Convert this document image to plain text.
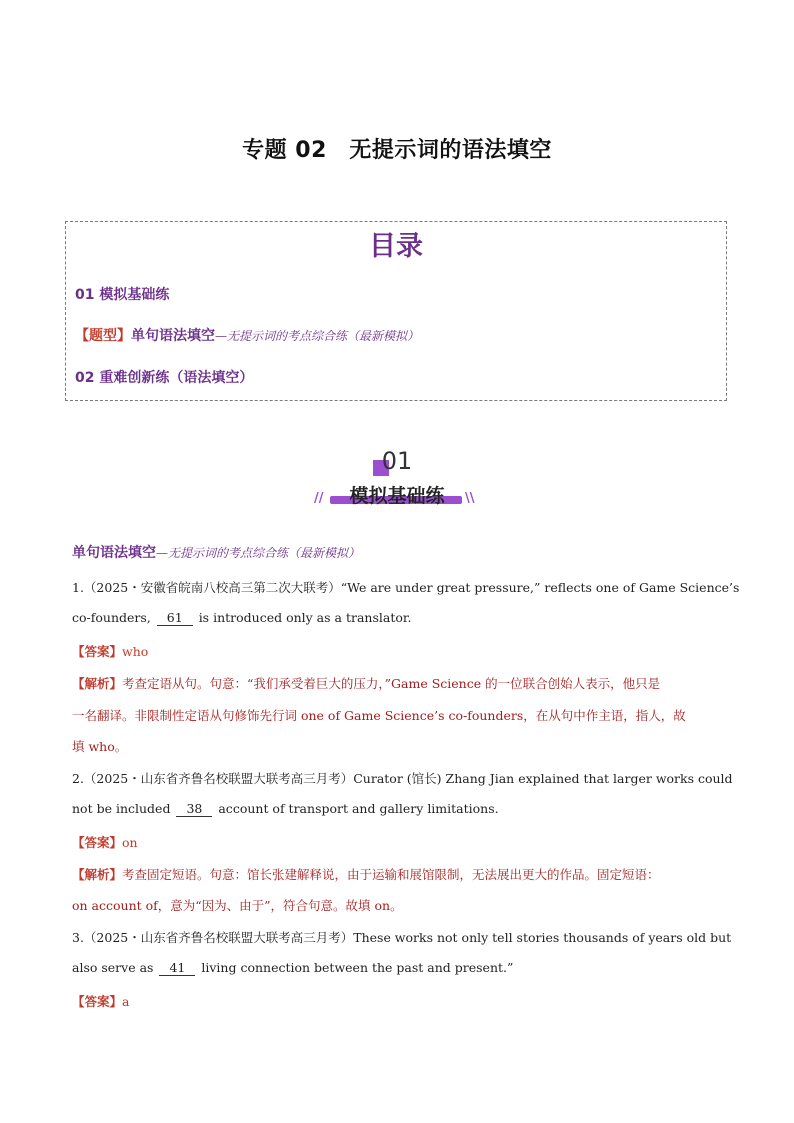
专题 02　无提示词的语法填空
目录
01 模拟基础练
【题型】单句语法填空—无提示词的考点综合练（最新模拟）
02 重难创新练（语法填空）
01
模拟基础练
//	\\
单句语法填空—无提示词的考点综合练（最新模拟）
1.（2025・安徽省皖南八校高三第二次大联考）“We are under great pressure,” reflects one of Game Science’s
co-founders, 61 is introduced only as a translator.
【答案】who
【解析】考查定语从句。句意：“我们承受着巨大的压力，”Game Science 的一位联合创始人表示，他只是
一名翻译。非限制性定语从句修饰先行词 one of Game Science’s co-founders，在从句中作主语，指人，故
填 who。
2.（2025・山东省齐鲁名校联盟大联考高三月考）Curator (馆长) Zhang Jian explained that larger works could
not be included 38 account of transport and gallery limitations.
【答案】on
【解析】考查固定短语。句意：馆长张建解释说，由于运输和展馆限制，无法展出更大的作品。固定短语：
on account of，意为“因为、由于”，符合句意。故填 on。
3.（2025・山东省齐鲁名校联盟大联考高三月考）These works not only tell stories thousands of years old but
also serve as 41 living connection between the past and present.”
【答案】a
